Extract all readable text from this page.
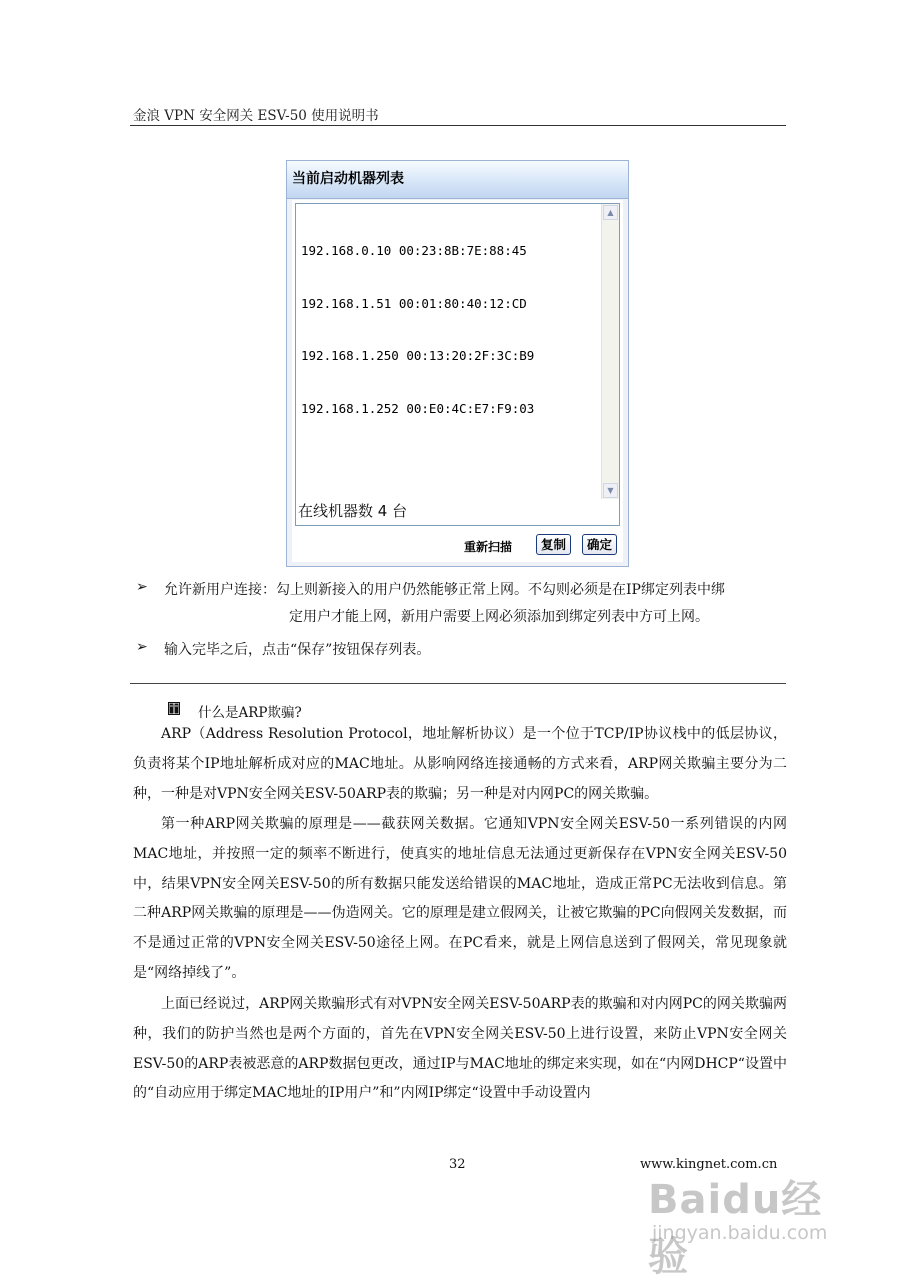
金浪 VPN 安全网关 ESV-50 使用说明书
当前启动机器列表

192.168.0.10 00:23:8B:7E:88:45

192.168.1.51 00:01:80:40:12:CD

192.168.1.250 00:13:20:2F:3C:B9

192.168.1.252 00:E0:4C:E7:F9:03

▲
▼
在线机器数 4 台
重新扫描	复制	确定
➢ 允许新用户连接：勾上则新接入的用户仍然能够正常上网。不勾则必须是在IP绑定列表中绑
定用户才能上网，新用户需要上网必须添加到绑定列表中方可上网。
➢ 输入完毕之后，点击“保存”按钮保存列表。
什么是ARP欺骗?
ARP（Address Resolution Protocol，地址解析协议）是一个位于TCP/IP协议栈中的低层协议，负责将某个IP地址解析成对应的MAC地址。从影响网络连接通畅的方式来看，ARP网关欺骗主要分为二种，一种是对VPN安全网关ESV-50ARP表的欺骗；另一种是对内网PC的网关欺骗。
第一种ARP网关欺骗的原理是——截获网关数据。它通知VPN安全网关ESV-50一系列错误的内网MAC地址，并按照一定的频率不断进行，使真实的地址信息无法通过更新保存在VPN安全网关ESV-50中，结果VPN安全网关ESV-50的所有数据只能发送给错误的MAC地址，造成正常PC无法收到信息。第二种ARP网关欺骗的原理是——伪造网关。它的原理是建立假网关，让被它欺骗的PC向假网关发数据，而不是通过正常的VPN安全网关ESV-50途径上网。在PC看来，就是上网信息送到了假网关，常见现象就是“网络掉线了”。
上面已经说过，ARP网关欺骗形式有对VPN安全网关ESV-50ARP表的欺骗和对内网PC的网关欺骗两种，我们的防护当然也是两个方面的，首先在VPN安全网关ESV-50上进行设置，来防止VPN安全网关ESV-50的ARP表被恶意的ARP数据包更改，通过IP与MAC地址的绑定来实现，如在“内网DHCP“设置中的“自动应用于绑定MAC地址的IP用户”和”内网IP绑定“设置中手动设置内
32	www.kingnet.com.cn
Baidu经验
jingyan.baidu.com
